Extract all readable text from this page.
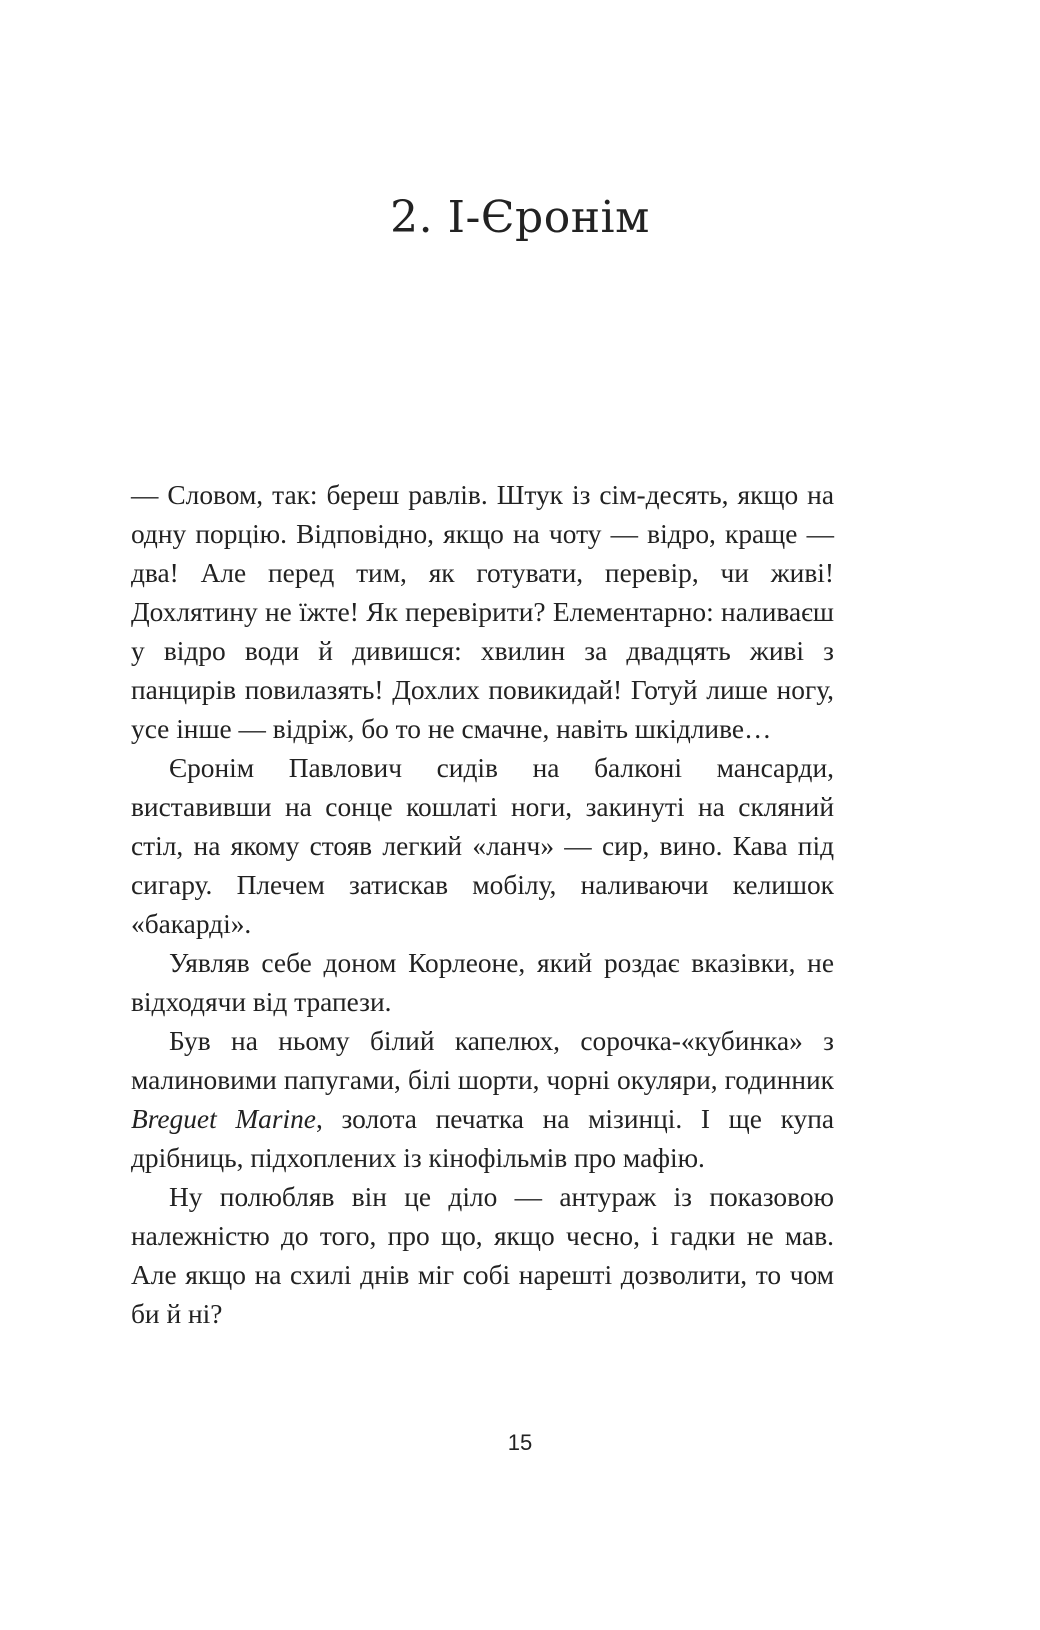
2. І-Єронім

— Словом, так: береш равлів. Штук із сім-десять, якщо на одну порцію. Відповідно, якщо на чоту — відро, краще — два! Але перед тим, як готувати, перевір, чи живі! Дохлятину не їжте! Як перевірити? Елементарно: наливаєш у відро води й дивишся: хвилин за двадцять живі з панцирів повилазять! Дохлих повикидай! Готуй лише ногу, усе інше — відріж, бо то не смачне, навіть шкідливе…

Єронім Павлович сидів на балконі мансарди, виставивши на сонце кошлаті ноги, закинуті на скляний стіл, на якому стояв легкий «ланч» — сир, вино. Кава під сигару. Плечем затискав мобілу, наливаючи келишок «бакарді».

Уявляв себе доном Корлеоне, який роздає вказівки, не відходячи від трапези.

Був на ньому білий капелюх, сорочка-«кубинка» з малиновими папугами, білі шорти, чорні окуляри, годинник Breguet Marine, золота печатка на мізинці. І ще купа дрібниць, підхоплених із кінофільмів про мафію.

Ну полюбляв він це діло — антураж із показовою належністю до того, про що, якщо чесно, і гадки не мав. Але якщо на схилі днів міг собі нарешті дозволити, то чом би й ні?

15
